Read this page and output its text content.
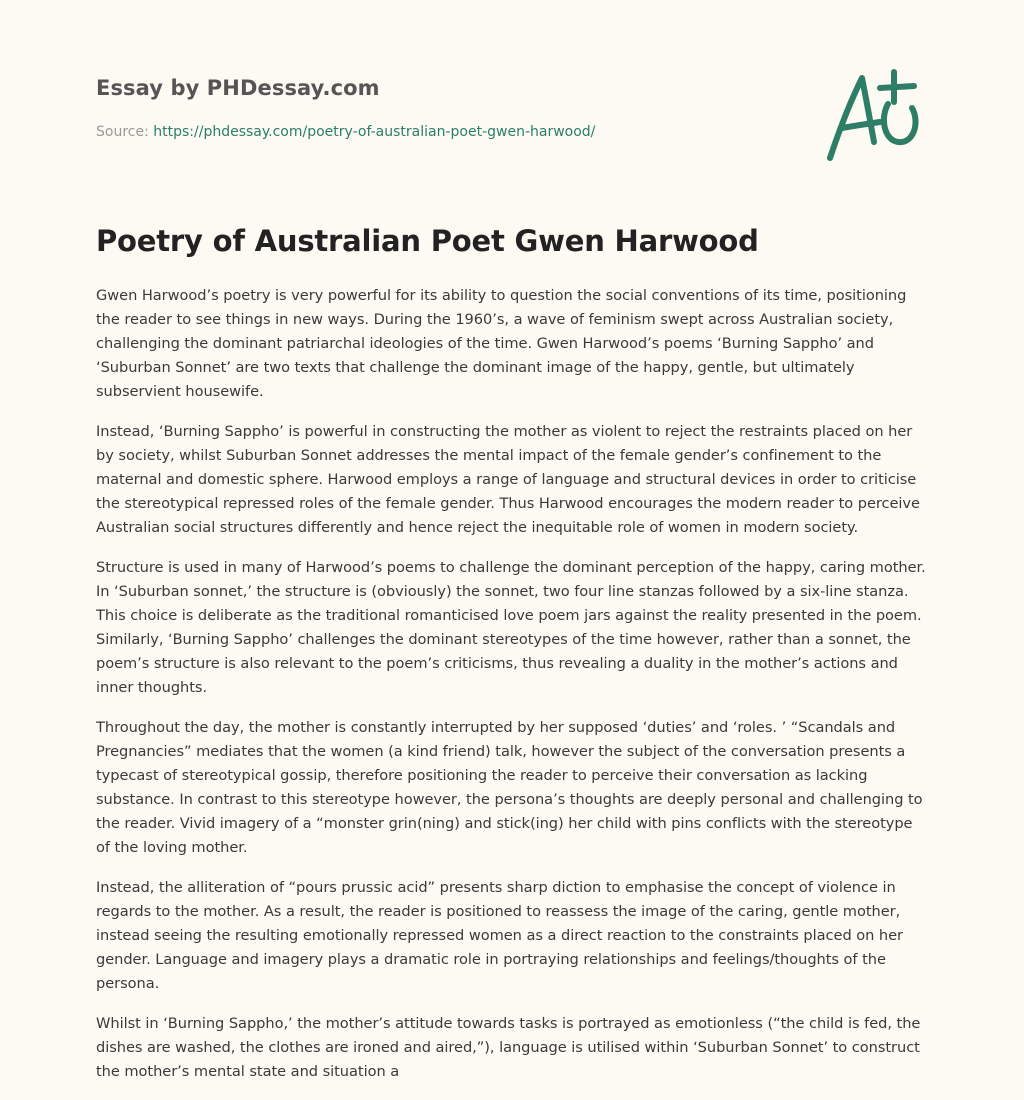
Essay by PHDessay.com
Source: https://phdessay.com/poetry-of-australian-poet-gwen-harwood/
Poetry of Australian Poet Gwen Harwood

Gwen Harwood’s poetry is very powerful for its ability to question the social conventions of its time, positioning the reader to see things in new ways. During the 1960’s, a wave of feminism swept across Australian society, challenging the dominant patriarchal ideologies of the time. Gwen Harwood’s poems ‘Burning Sappho’ and ‘Suburban Sonnet’ are two texts that challenge the dominant image of the happy, gentle, but ultimately subservient housewife.

Instead, ‘Burning Sappho’ is powerful in constructing the mother as violent to reject the restraints placed on her by society, whilst Suburban Sonnet addresses the mental impact of the female gender’s confinement to the maternal and domestic sphere. Harwood employs a range of language and structural devices in order to criticise the stereotypical repressed roles of the female gender. Thus Harwood encourages the modern reader to perceive Australian social structures differently and hence reject the inequitable role of women in modern society.

Structure is used in many of Harwood’s poems to challenge the dominant perception of the happy, caring mother. In ‘Suburban sonnet,’ the structure is (obviously) the sonnet, two four line stanzas followed by a six-line stanza. This choice is deliberate as the traditional romanticised love poem jars against the reality presented in the poem. Similarly, ‘Burning Sappho’ challenges the dominant stereotypes of the time however, rather than a sonnet, the poem’s structure is also relevant to the poem’s criticisms, thus revealing a duality in the mother’s actions and inner thoughts.

Throughout the day, the mother is constantly interrupted by her supposed ‘duties’ and ‘roles. ’ “Scandals and Pregnancies” mediates that the women (a kind friend) talk, however the subject of the conversation presents a typecast of stereotypical gossip, therefore positioning the reader to perceive their conversation as lacking substance. In contrast to this stereotype however, the persona’s thoughts are deeply personal and challenging to the reader. Vivid imagery of a “monster grin(ning) and stick(ing) her child with pins conflicts with the stereotype of the loving mother.

Instead, the alliteration of “pours prussic acid” presents sharp diction to emphasise the concept of violence in regards to the mother. As a result, the reader is positioned to reassess the image of the caring, gentle mother, instead seeing the resulting emotionally repressed women as a direct reaction to the constraints placed on her gender. Language and imagery plays a dramatic role in portraying relationships and feelings/thoughts of the persona.

Whilst in ‘Burning Sappho,’ the mother’s attitude towards tasks is portrayed as emotionless (“the child is fed, the dishes are washed, the clothes are ironed and aired,”), language is utilised within ‘Suburban Sonnet’ to construct the mother’s mental state and situation a
